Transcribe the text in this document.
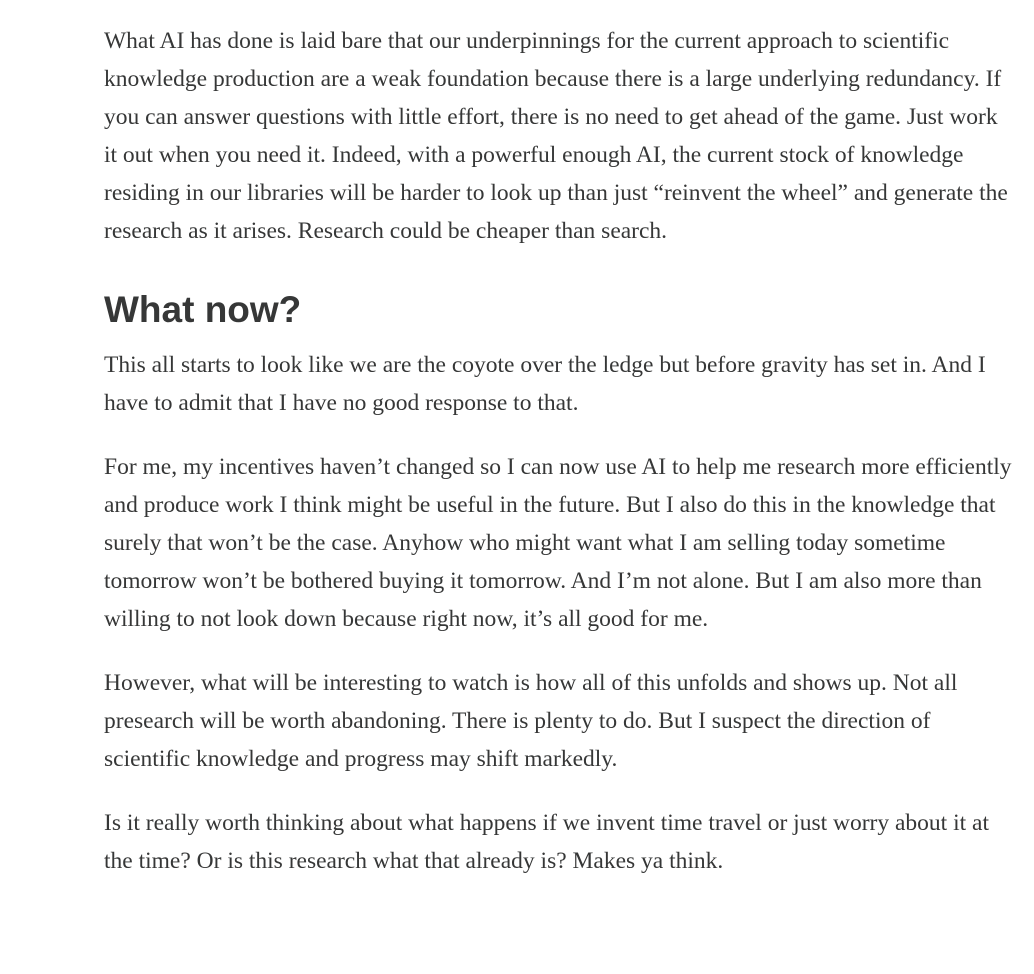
What AI has done is laid bare that our underpinnings for the current approach to scientific knowledge production are a weak foundation because there is a large underlying redundancy. If you can answer questions with little effort, there is no need to get ahead of the game. Just work it out when you need it. Indeed, with a powerful enough AI, the current stock of knowledge residing in our libraries will be harder to look up than just “reinvent the wheel” and generate the research as it arises. Research could be cheaper than search.

What now?

This all starts to look like we are the coyote over the ledge but before gravity has set in. And I have to admit that I have no good response to that.

For me, my incentives haven’t changed so I can now use AI to help me research more efficiently and produce work I think might be useful in the future. But I also do this in the knowledge that surely that won’t be the case. Anyhow who might want what I am selling today sometime tomorrow won’t be bothered buying it tomorrow. And I’m not alone. But I am also more than willing to not look down because right now, it’s all good for me.

However, what will be interesting to watch is how all of this unfolds and shows up. Not all presearch will be worth abandoning. There is plenty to do. But I suspect the direction of scientific knowledge and progress may shift markedly.

Is it really worth thinking about what happens if we invent time travel or just worry about it at the time? Or is this research what that already is? Makes ya think.
